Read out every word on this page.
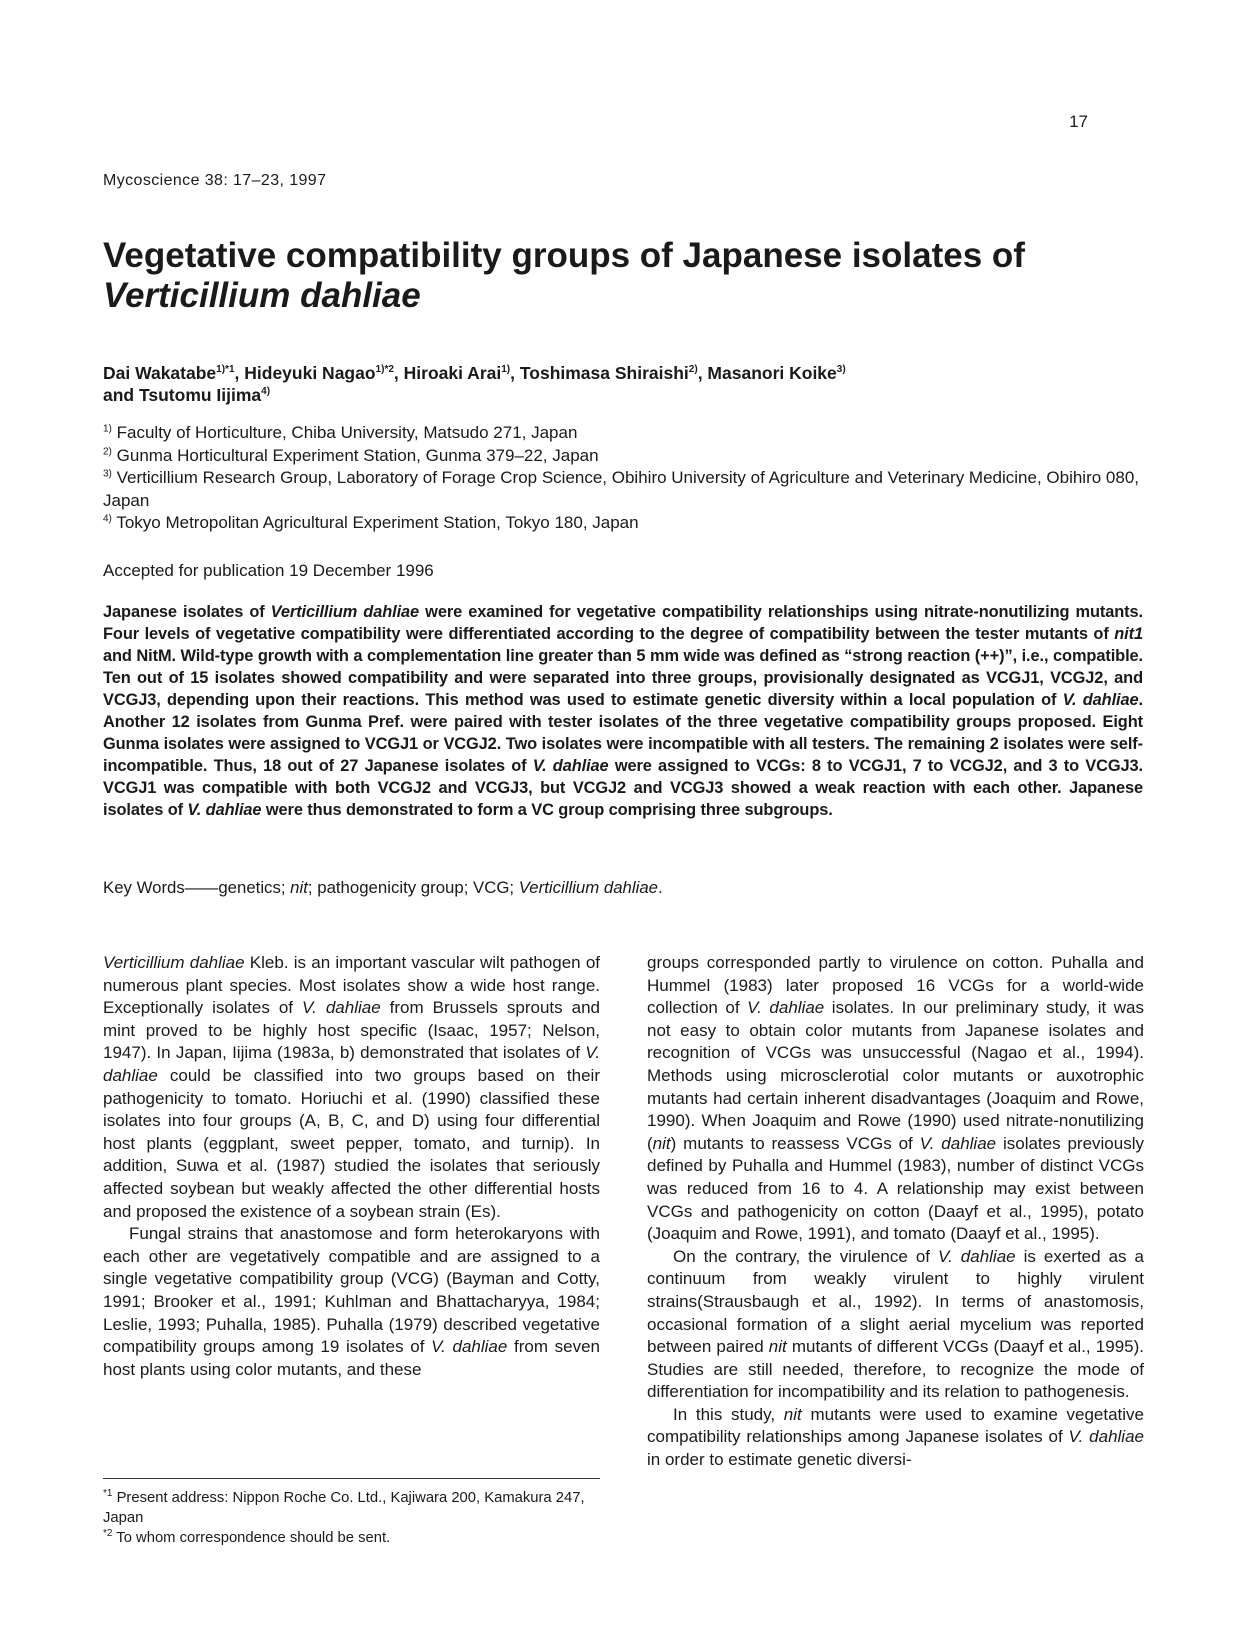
17
Mycoscience 38: 17–23, 1997
Vegetative compatibility groups of Japanese isolates of
Verticillium dahliae
Dai Wakatabe$^{1)*1}$, Hideyuki Nagao$^{1)*2}$, Hiroaki Arai$^{1)}$, Toshimasa Shiraishi$^{2)}$, Masanori Koike$^{3)}$
and Tsutomu Iijima$^{4)}$
$^{1)}$ Faculty of Horticulture, Chiba University, Matsudo 271, Japan
$^{2)}$ Gunma Horticultural Experiment Station, Gunma 379–22, Japan
$^{3)}$ Verticillium Research Group, Laboratory of Forage Crop Science, Obihiro University of Agriculture and Veterinary Medicine, Obihiro 080, Japan
$^{4)}$ Tokyo Metropolitan Agricultural Experiment Station, Tokyo 180, Japan
Accepted for publication 19 December 1996
Japanese isolates of Verticillium dahliae were examined for vegetative compatibility relationships using nitrate-nonutilizing mutants. Four levels of vegetative compatibility were differentiated according to the degree of compatibility between the tester mutants of nit1 and NitM. Wild-type growth with a complementation line greater than 5 mm wide was defined as “strong reaction (++)”, i.e., compatible. Ten out of 15 isolates showed compatibility and were separated into three groups, provisionally designated as VCGJ1, VCGJ2, and VCGJ3, depending upon their reactions. This method was used to estimate genetic diversity within a local population of V. dahliae. Another 12 isolates from Gunma Pref. were paired with tester isolates of the three vegetative compatibility groups proposed. Eight Gunma isolates were assigned to VCGJ1 or VCGJ2. Two isolates were incompatible with all testers. The remaining 2 isolates were self-incompatible. Thus, 18 out of 27 Japanese isolates of V. dahliae were assigned to VCGs: 8 to VCGJ1, 7 to VCGJ2, and 3 to VCGJ3. VCGJ1 was compatible with both VCGJ2 and VCGJ3, but VCGJ2 and VCGJ3 showed a weak reaction with each other. Japanese isolates of V. dahliae were thus demonstrated to form a VC group comprising three subgroups.
Key Words——genetics; nit; pathogenicity group; VCG; Verticillium dahliae.

Verticillium dahliae Kleb. is an important vascular wilt pathogen of numerous plant species. Most isolates show a wide host range. Exceptionally isolates of V. dahliae from Brussels sprouts and mint proved to be highly host specific (Isaac, 1957; Nelson, 1947). In Japan, Iijima (1983a, b) demonstrated that isolates of V. dahliae could be classified into two groups based on their pathogenicity to tomato. Horiuchi et al. (1990) classified these isolates into four groups (A, B, C, and D) using four differential host plants (eggplant, sweet pepper, tomato, and turnip). In addition, Suwa et al. (1987) studied the isolates that seriously affected soybean but weakly affected the other differential hosts and proposed the existence of a soybean strain (Es).

Fungal strains that anastomose and form heterokaryons with each other are vegetatively compatible and are assigned to a single vegetative compatibility group (VCG) (Bayman and Cotty, 1991; Brooker et al., 1991; Kuhlman and Bhattacharyya, 1984; Leslie, 1993; Puhalla, 1985). Puhalla (1979) described vegetative compatibility groups among 19 isolates of V. dahliae from seven host plants using color mutants, and these

groups corresponded partly to virulence on cotton. Puhalla and Hummel (1983) later proposed 16 VCGs for a world-wide collection of V. dahliae isolates. In our preliminary study, it was not easy to obtain color mutants from Japanese isolates and recognition of VCGs was unsuccessful (Nagao et al., 1994). Methods using microsclerotial color mutants or auxotrophic mutants had certain inherent disadvantages (Joaquim and Rowe, 1990). When Joaquim and Rowe (1990) used nitrate-nonutilizing (nit) mutants to reassess VCGs of V. dahliae isolates previously defined by Puhalla and Hummel (1983), number of distinct VCGs was reduced from 16 to 4. A relationship may exist between VCGs and pathogenicity on cotton (Daayf et al., 1995), potato (Joaquim and Rowe, 1991), and tomato (Daayf et al., 1995).

On the contrary, the virulence of V. dahliae is exerted as a continuum from weakly virulent to highly virulent strains(Strausbaugh et al., 1992). In terms of anastomosis, occasional formation of a slight aerial mycelium was reported between paired nit mutants of different VCGs (Daayf et al., 1995). Studies are still needed, therefore, to recognize the mode of differentiation for incompatibility and its relation to pathogenesis.

In this study, nit mutants were used to examine vegetative compatibility relationships among Japanese isolates of V. dahliae in order to estimate genetic diversi-

$^{*1}$ Present address: Nippon Roche Co. Ltd., Kajiwara 200, Kamakura 247, Japan
$^{*2}$ To whom correspondence should be sent.
